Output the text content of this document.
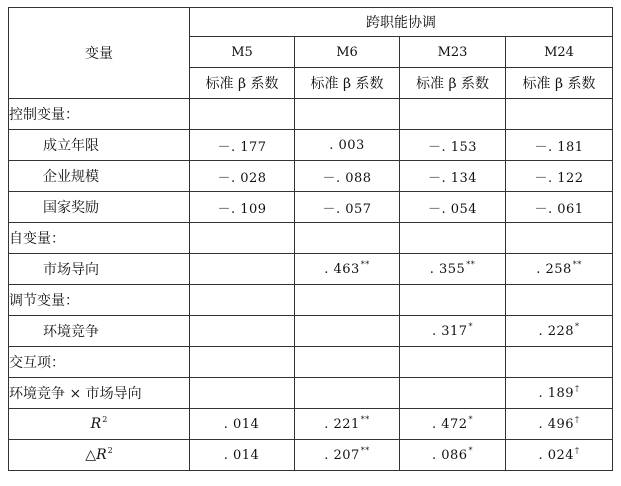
变量	跨职能协调			
	M5	M6	M23	M24
	标准 β 系数	标准 β 系数	标准 β 系数	标准 β 系数
控制变量：				
成立年限	－. 177	. 003	－. 153	－. 181
企业规模	－. 028	－. 088	－. 134	－. 122
国家奖励	－. 109	－. 057	－. 054	－. 061
自变量：				
市场导向		. 463**	. 355**	. 258**
调节变量：				
环境竞争			. 317*	. 228*
交互项：				
环境竞争 × 市场导向				. 189†
$R^2$	. 014	. 221**	. 472*	. 496†
$\triangle R^2$	. 014	. 207**	. 086*	. 024†
